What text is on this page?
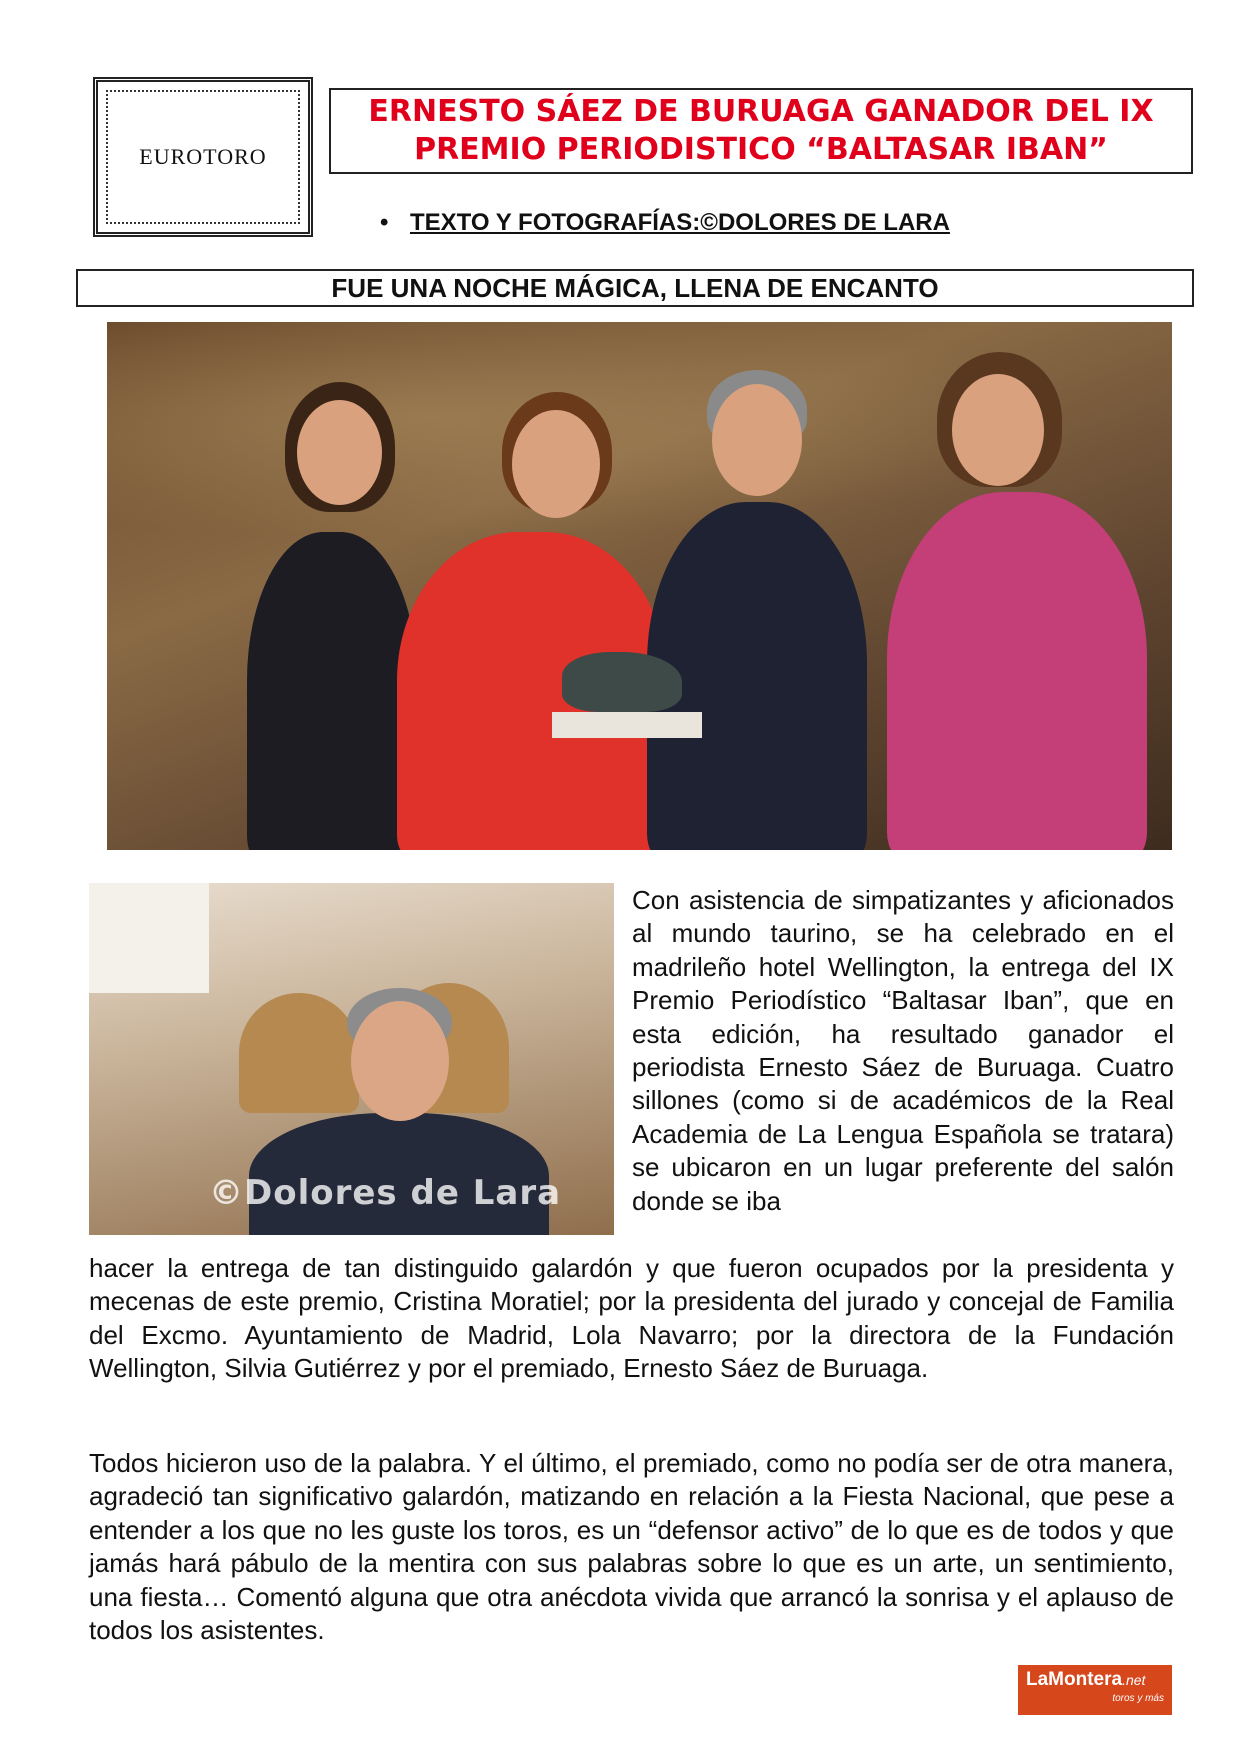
EUROTORO
ERNESTO SÁEZ DE BURUAGA GANADOR DEL IX
PREMIO PERIODISTICO “BALTASAR IBAN”
• TEXTO Y FOTOGRAFÍAS:©DOLORES DE LARA
FUE UNA NOCHE MÁGICA, LLENA DE ENCANTO
©Dolores de Lara
Con asistencia de simpatizantes y aficionados al mundo taurino, se ha celebrado en el madrileño hotel Wellington, la entrega del IX Premio Periodístico “Baltasar Iban”, que en esta edición, ha resultado ganador el periodista Ernesto Sáez de Buruaga. Cuatro sillones (como si de académicos de la Real Academia de La Lengua Española se tratara) se ubicaron en un lugar preferente del salón donde se iba
hacer la entrega de tan distinguido galardón y que fueron ocupados por la presidenta y mecenas de este premio, Cristina Moratiel; por la presidenta del jurado y concejal de Familia del Excmo. Ayuntamiento de Madrid, Lola Navarro; por la directora de la Fundación Wellington, Silvia Gutiérrez y por el premiado, Ernesto Sáez de Buruaga.
Todos hicieron uso de la palabra. Y el último, el premiado, como no podía ser de otra manera, agradeció tan significativo galardón, matizando en relación a la Fiesta Nacional, que pese a entender a los que no les guste los toros, es un “defensor activo” de lo que es de todos y que jamás hará pábulo de la mentira con sus palabras sobre lo que es un arte, un sentimiento, una fiesta… Comentó alguna que otra anécdota vivida que arrancó la sonrisa y el aplauso de todos los asistentes.
LaMontera.net
toros y más
